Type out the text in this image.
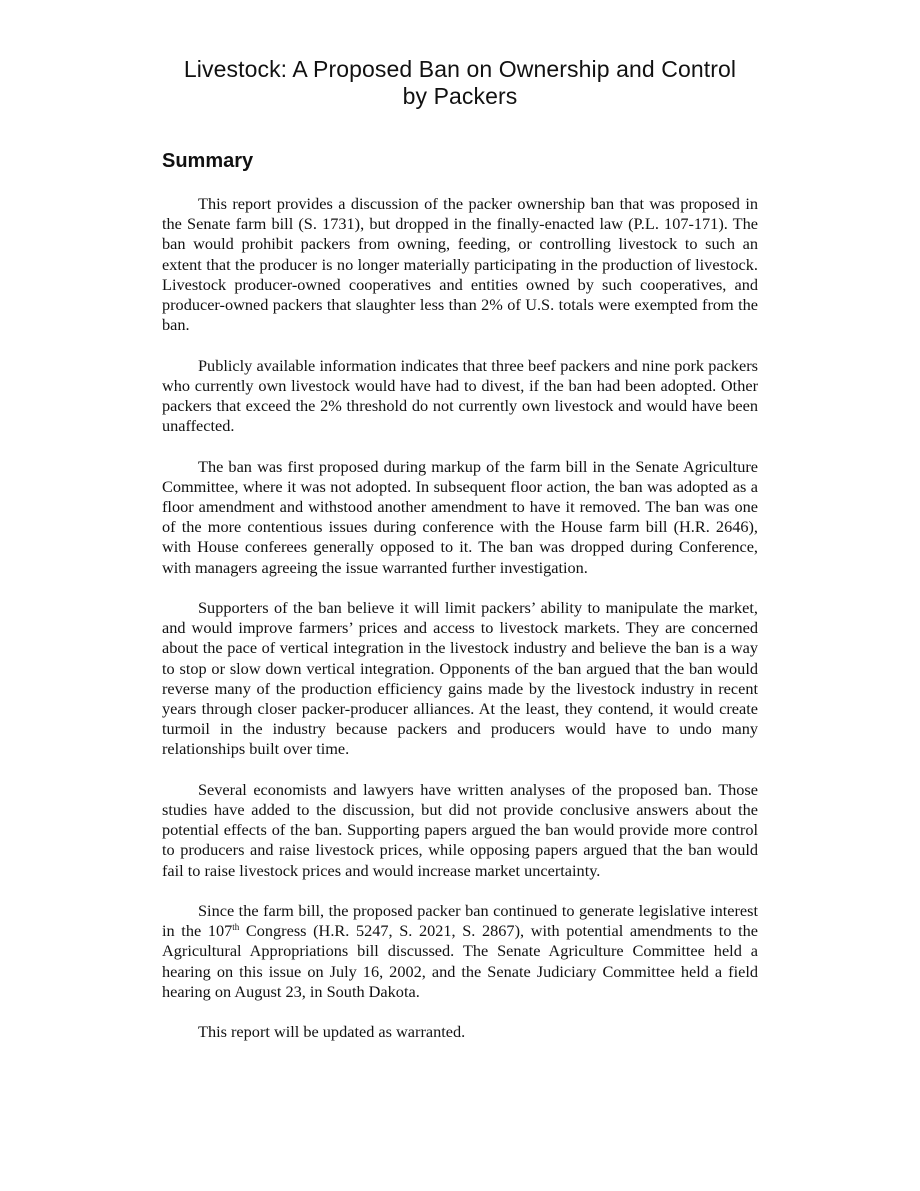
Livestock: A Proposed Ban on Ownership and Control
by Packers
Summary

This report provides a discussion of the packer ownership ban that was proposed in the Senate farm bill (S. 1731), but dropped in the finally-enacted law (P.L. 107-171). The ban would prohibit packers from owning, feeding, or controlling livestock to such an extent that the producer is no longer materially participating in the production of livestock. Livestock producer-owned cooperatives and entities owned by such cooperatives, and producer-owned packers that slaughter less than 2% of U.S. totals were exempted from the ban.

Publicly available information indicates that three beef packers and nine pork packers who currently own livestock would have had to divest, if the ban had been adopted. Other packers that exceed the 2% threshold do not currently own livestock and would have been unaffected.

The ban was first proposed during markup of the farm bill in the Senate Agriculture Committee, where it was not adopted. In subsequent floor action, the ban was adopted as a floor amendment and withstood another amendment to have it removed. The ban was one of the more contentious issues during conference with the House farm bill (H.R. 2646), with House conferees generally opposed to it. The ban was dropped during Conference, with managers agreeing the issue warranted further investigation.

Supporters of the ban believe it will limit packers’ ability to manipulate the market, and would improve farmers’ prices and access to livestock markets. They are concerned about the pace of vertical integration in the livestock industry and believe the ban is a way to stop or slow down vertical integration. Opponents of the ban argued that the ban would reverse many of the production efficiency gains made by the livestock industry in recent years through closer packer-producer alliances. At the least, they contend, it would create turmoil in the industry because packers and producers would have to undo many relationships built over time.

Several economists and lawyers have written analyses of the proposed ban. Those studies have added to the discussion, but did not provide conclusive answers about the potential effects of the ban. Supporting papers argued the ban would provide more control to producers and raise livestock prices, while opposing papers argued that the ban would fail to raise livestock prices and would increase market uncertainty.

Since the farm bill, the proposed packer ban continued to generate legislative interest in the 107th Congress (H.R. 5247, S. 2021, S. 2867), with potential amendments to the Agricultural Appropriations bill discussed. The Senate Agriculture Committee held a hearing on this issue on July 16, 2002, and the Senate Judiciary Committee held a field hearing on August 23, in South Dakota.

This report will be updated as warranted.
